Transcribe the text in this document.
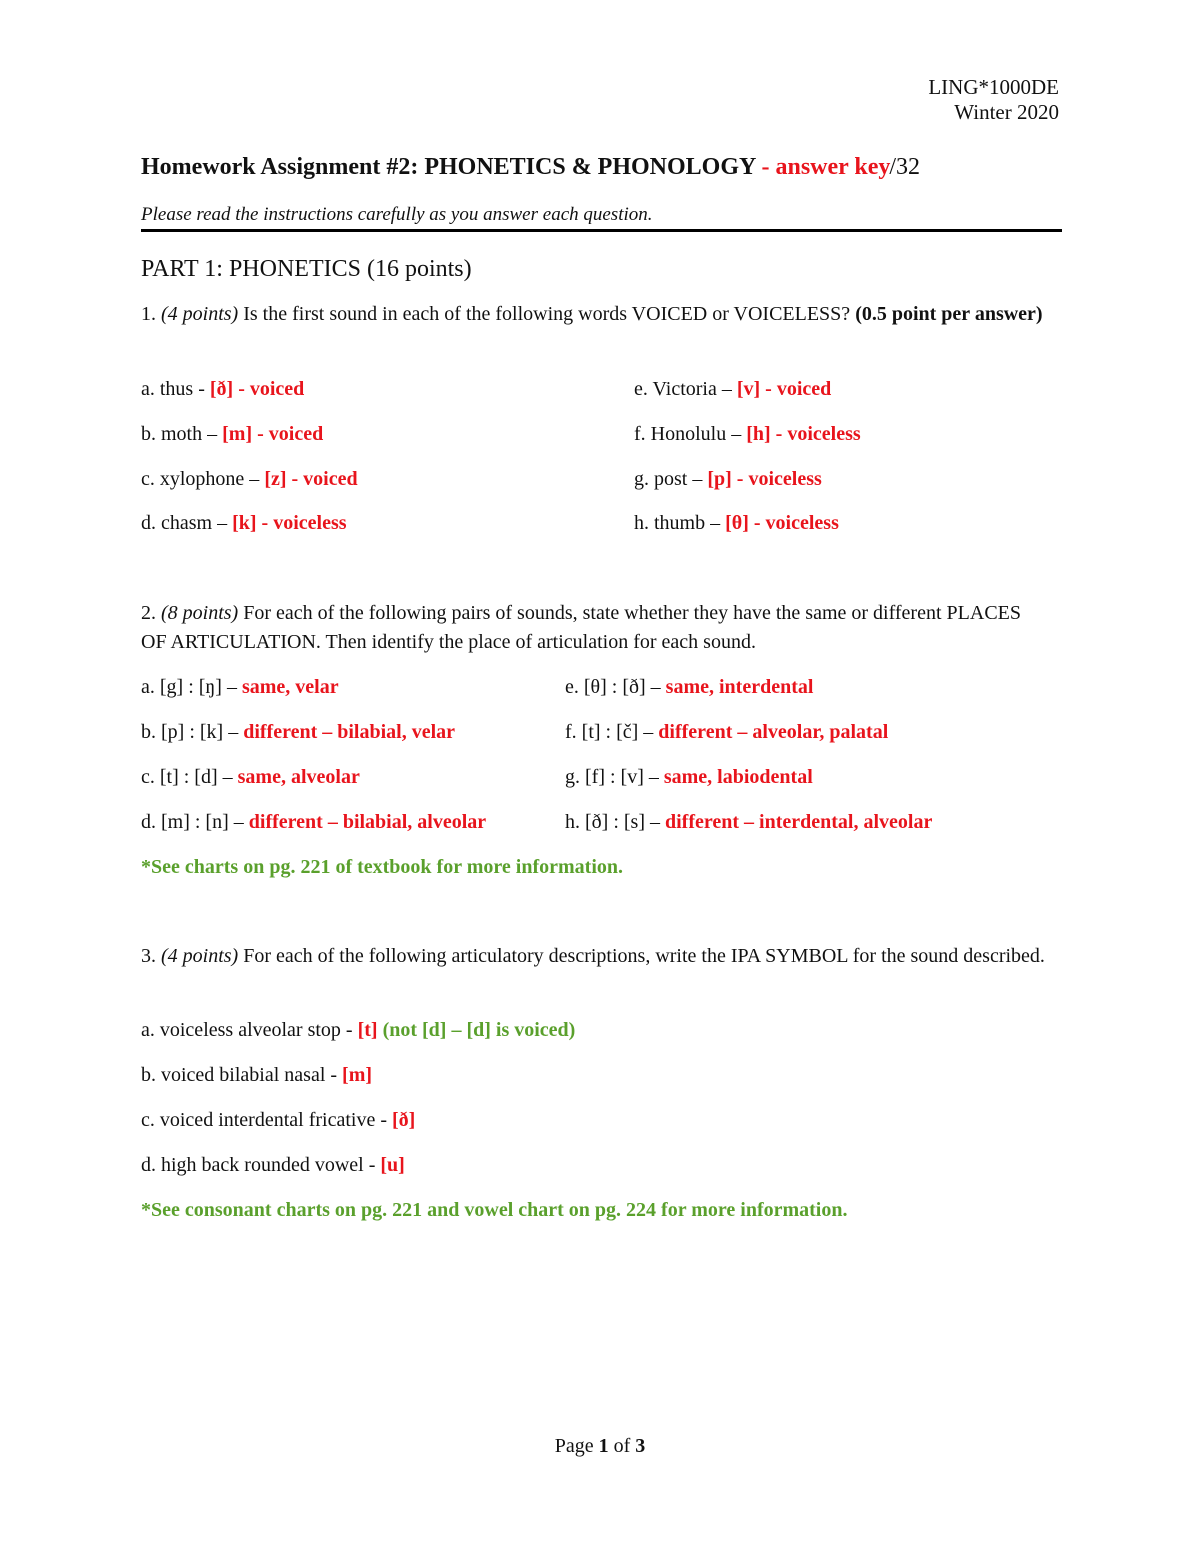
LING*1000DE
Winter 2020
Homework Assignment #2: PHONETICS & PHONOLOGY - answer key
/32
Please read the instructions carefully as you answer each question.
PART 1: PHONETICS (16 points)
1. (4 points) Is the first sound in each of the following words VOICED or VOICELESS? (0.5 point per answer)
a. thus - [ð] - voiced
b. moth – [m] - voiced
c. xylophone – [z] - voiced
d. chasm – [k] - voiceless
e. Victoria – [v] - voiced
f. Honolulu – [h] - voiceless
g. post – [p] - voiceless
h. thumb – [θ] - voiceless
2. (8 points) For each of the following pairs of sounds, state whether they have the same or different PLACES OF ARTICULATION. Then identify the place of articulation for each sound.
a. [g] : [ŋ] – same, velar
b. [p] : [k] – different – bilabial, velar
c. [t] : [d] – same, alveolar
d. [m] : [n] – different – bilabial, alveolar
e. [θ] : [ð] – same, interdental
f. [t] : [č] – different – alveolar, palatal
g. [f] : [v] – same, labiodental
h. [ð] : [s] – different – interdental, alveolar
*See charts on pg. 221 of textbook for more information.
3. (4 points) For each of the following articulatory descriptions, write the IPA SYMBOL for the sound described.
a. voiceless alveolar stop - [t] (not [d] – [d] is voiced)
b. voiced bilabial nasal - [m]
c. voiced interdental fricative - [ð]
d. high back rounded vowel - [u]
*See consonant charts on pg. 221 and vowel chart on pg. 224 for more information.
Page 1 of 3
